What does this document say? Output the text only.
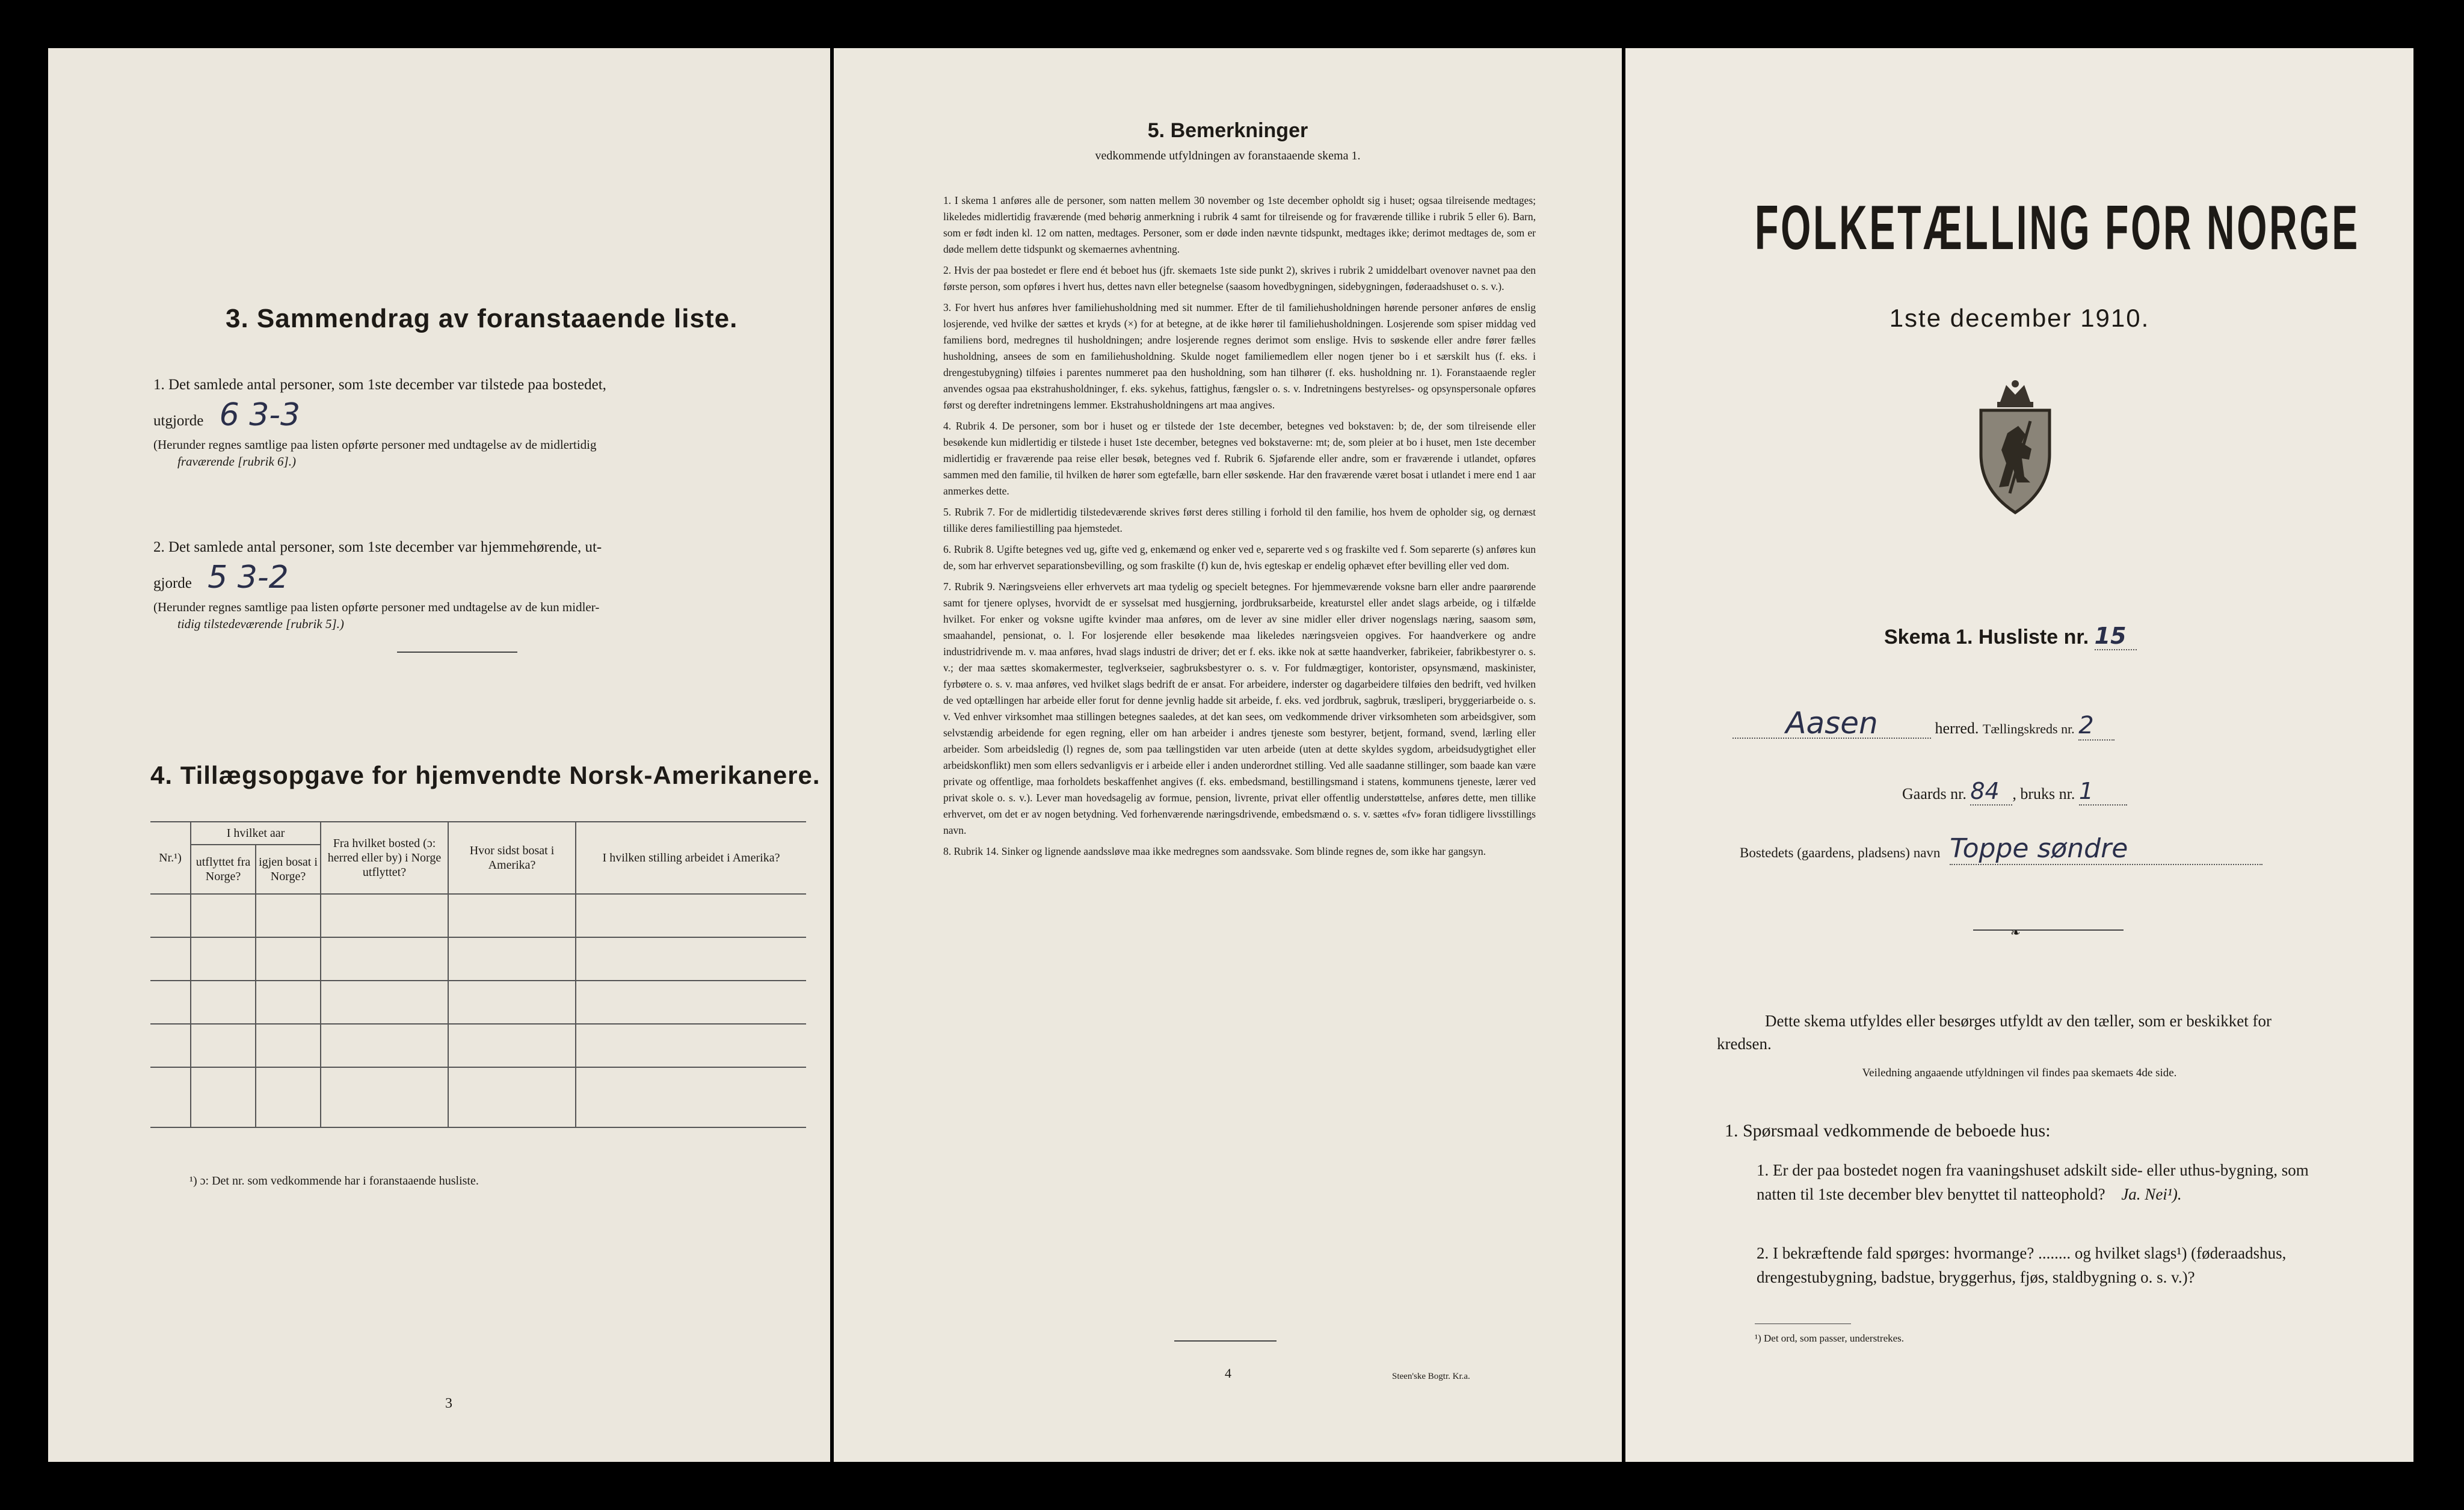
3. Sammendrag av foranstaaende liste.
1. Det samlede antal personer, som 1ste december var tilstede paa bostedet,
utgjorde 6 3-3
(Herunder regnes samtlige paa listen opførte personer med undtagelse av de midlertidig
fraværende [rubrik 6].)
2. Det samlede antal personer, som 1ste december var hjemmehørende, ut-
gjorde 5 3-2
(Herunder regnes samtlige paa listen opførte personer med undtagelse av de kun midler-
tidig tilstedeværende [rubrik 5].)
4. Tillægsopgave for hjemvendte Norsk-Amerikanere.
Nr.¹)	I hvilket aar		Fra hvilket bosted (ɔ: herred eller by) i Norge utflyttet?	Hvor sidst bosat i Amerika?	I hvilken stilling arbeidet i Amerika?
	utflyttet fra Norge?	igjen bosat i Norge?			

¹) ɔ: Det nr. som vedkommende har i foranstaaende husliste.
3
5. Bemerkninger
vedkommende utfyldningen av foranstaaende skema 1.
1. I skema 1 anføres alle de personer, som natten mellem 30 november og 1ste december opholdt sig i huset; ogsaa tilreisende medtages; likeledes midlertidig fraværende (med behørig anmerkning i rubrik 4 samt for tilreisende og for fraværende tillike i rubrik 5 eller 6). Barn, som er født inden kl. 12 om natten, medtages. Personer, som er døde inden nævnte tidspunkt, medtages ikke; derimot medtages de, som er døde mellem dette tidspunkt og skemaernes avhentning.
2. Hvis der paa bostedet er flere end ét beboet hus (jfr. skemaets 1ste side punkt 2), skrives i rubrik 2 umiddelbart ovenover navnet paa den første person, som opføres i hvert hus, dettes navn eller betegnelse (saasom hovedbygningen, sidebygningen, føderaadshuset o. s. v.).
3. For hvert hus anføres hver familiehusholdning med sit nummer. Efter de til familiehusholdningen hørende personer anføres de enslig losjerende, ved hvilke der sættes et kryds (×) for at betegne, at de ikke hører til familiehusholdningen. Losjerende som spiser middag ved familiens bord, medregnes til husholdningen; andre losjerende regnes derimot som enslige. Hvis to søskende eller andre fører fælles husholdning, ansees de som en familiehusholdning. Skulde noget familiemedlem eller nogen tjener bo i et særskilt hus (f. eks. i drengestubygning) tilføies i parentes nummeret paa den husholdning, som han tilhører (f. eks. husholdning nr. 1). Foranstaaende regler anvendes ogsaa paa ekstrahusholdninger, f. eks. sykehus, fattighus, fængsler o. s. v. Indretningens bestyrelses- og opsynspersonale opføres først og derefter indretningens lemmer. Ekstrahusholdningens art maa angives.
4. Rubrik 4. De personer, som bor i huset og er tilstede der 1ste december, betegnes ved bokstaven: b; de, der som tilreisende eller besøkende kun midlertidig er tilstede i huset 1ste december, betegnes ved bokstaverne: mt; de, som pleier at bo i huset, men 1ste december midlertidig er fraværende paa reise eller besøk, betegnes ved f. Rubrik 6. Sjøfarende eller andre, som er fraværende i utlandet, opføres sammen med den familie, til hvilken de hører som egtefælle, barn eller søskende. Har den fraværende været bosat i utlandet i mere end 1 aar anmerkes dette.
5. Rubrik 7. For de midlertidig tilstedeværende skrives først deres stilling i forhold til den familie, hos hvem de opholder sig, og dernæst tillike deres familiestilling paa hjemstedet.
6. Rubrik 8. Ugifte betegnes ved ug, gifte ved g, enkemænd og enker ved e, separerte ved s og fraskilte ved f. Som separerte (s) anføres kun de, som har erhvervet separationsbevilling, og som fraskilte (f) kun de, hvis egteskap er endelig ophævet efter bevilling eller ved dom.
7. Rubrik 9. Næringsveiens eller erhvervets art maa tydelig og specielt betegnes. For hjemmeværende voksne barn eller andre paarørende samt for tjenere oplyses, hvorvidt de er sysselsat med husgjerning, jordbruksarbeide, kreaturstel eller andet slags arbeide, og i tilfælde hvilket. For enker og voksne ugifte kvinder maa anføres, om de lever av sine midler eller driver nogenslags næring, saasom søm, smaahandel, pensionat, o. l. For losjerende eller besøkende maa likeledes næringsveien opgives. For haandverkere og andre industridrivende m. v. maa anføres, hvad slags industri de driver; det er f. eks. ikke nok at sætte haandverker, fabrikeier, fabrikbestyrer o. s. v.; der maa sættes skomakermester, teglverkseier, sagbruksbestyrer o. s. v. For fuldmægtiger, kontorister, opsynsmænd, maskinister, fyrbøtere o. s. v. maa anføres, ved hvilket slags bedrift de er ansat. For arbeidere, inderster og dagarbeidere tilføies den bedrift, ved hvilken de ved optællingen har arbeide eller forut for denne jevnlig hadde sit arbeide, f. eks. ved jordbruk, sagbruk, træsliperi, bryggeriarbeide o. s. v. Ved enhver virksomhet maa stillingen betegnes saaledes, at det kan sees, om vedkommende driver virksomheten som arbeidsgiver, som selvstændig arbeidende for egen regning, eller om han arbeider i andres tjeneste som bestyrer, betjent, formand, svend, lærling eller arbeider. Som arbeidsledig (l) regnes de, som paa tællingstiden var uten arbeide (uten at dette skyldes sygdom, arbeidsudygtighet eller arbeidskonflikt) men som ellers sedvanligvis er i arbeide eller i anden underordnet stilling. Ved alle saadanne stillinger, som baade kan være private og offentlige, maa forholdets beskaffenhet angives (f. eks. embedsmand, bestillingsmand i statens, kommunens tjeneste, lærer ved privat skole o. s. v.). Lever man hovedsagelig av formue, pension, livrente, privat eller offentlig understøttelse, anføres dette, men tillike erhvervet, om det er av nogen betydning. Ved forhenværende næringsdrivende, embedsmænd o. s. v. sættes «fv» foran tidligere livsstillings navn.
8. Rubrik 14. Sinker og lignende aandssløve maa ikke medregnes som aandssvake. Som blinde regnes de, som ikke har gangsyn.
4	Steen'ske Bogtr. Kr.a.
FOLKETÆLLING FOR NORGE
1ste december 1910.
Skema 1. Husliste nr. 15
Aasen	herred. Tællingskreds nr. 2
Gaards nr. 84 , bruks nr. 1
Bostedets (gaardens, pladsens) navn Toppe søndre
❧
Dette skema utfyldes eller besørges utfyldt av den tæller, som er beskikket for kredsen.
Veiledning angaaende utfyldningen vil findes paa skemaets 4de side.
1. Spørsmaal vedkommende de beboede hus:
1. Er der paa bostedet nogen fra vaaningshuset adskilt side- eller uthus-bygning, som natten til 1ste december blev benyttet til natteophold? Ja. Nei¹).
2. I bekræftende fald spørges: hvormange? ........ og hvilket slags¹) (føderaadshus, drengestubygning, badstue, bryggerhus, fjøs, staldbygning o. s. v.)?
¹) Det ord, som passer, understrekes.
